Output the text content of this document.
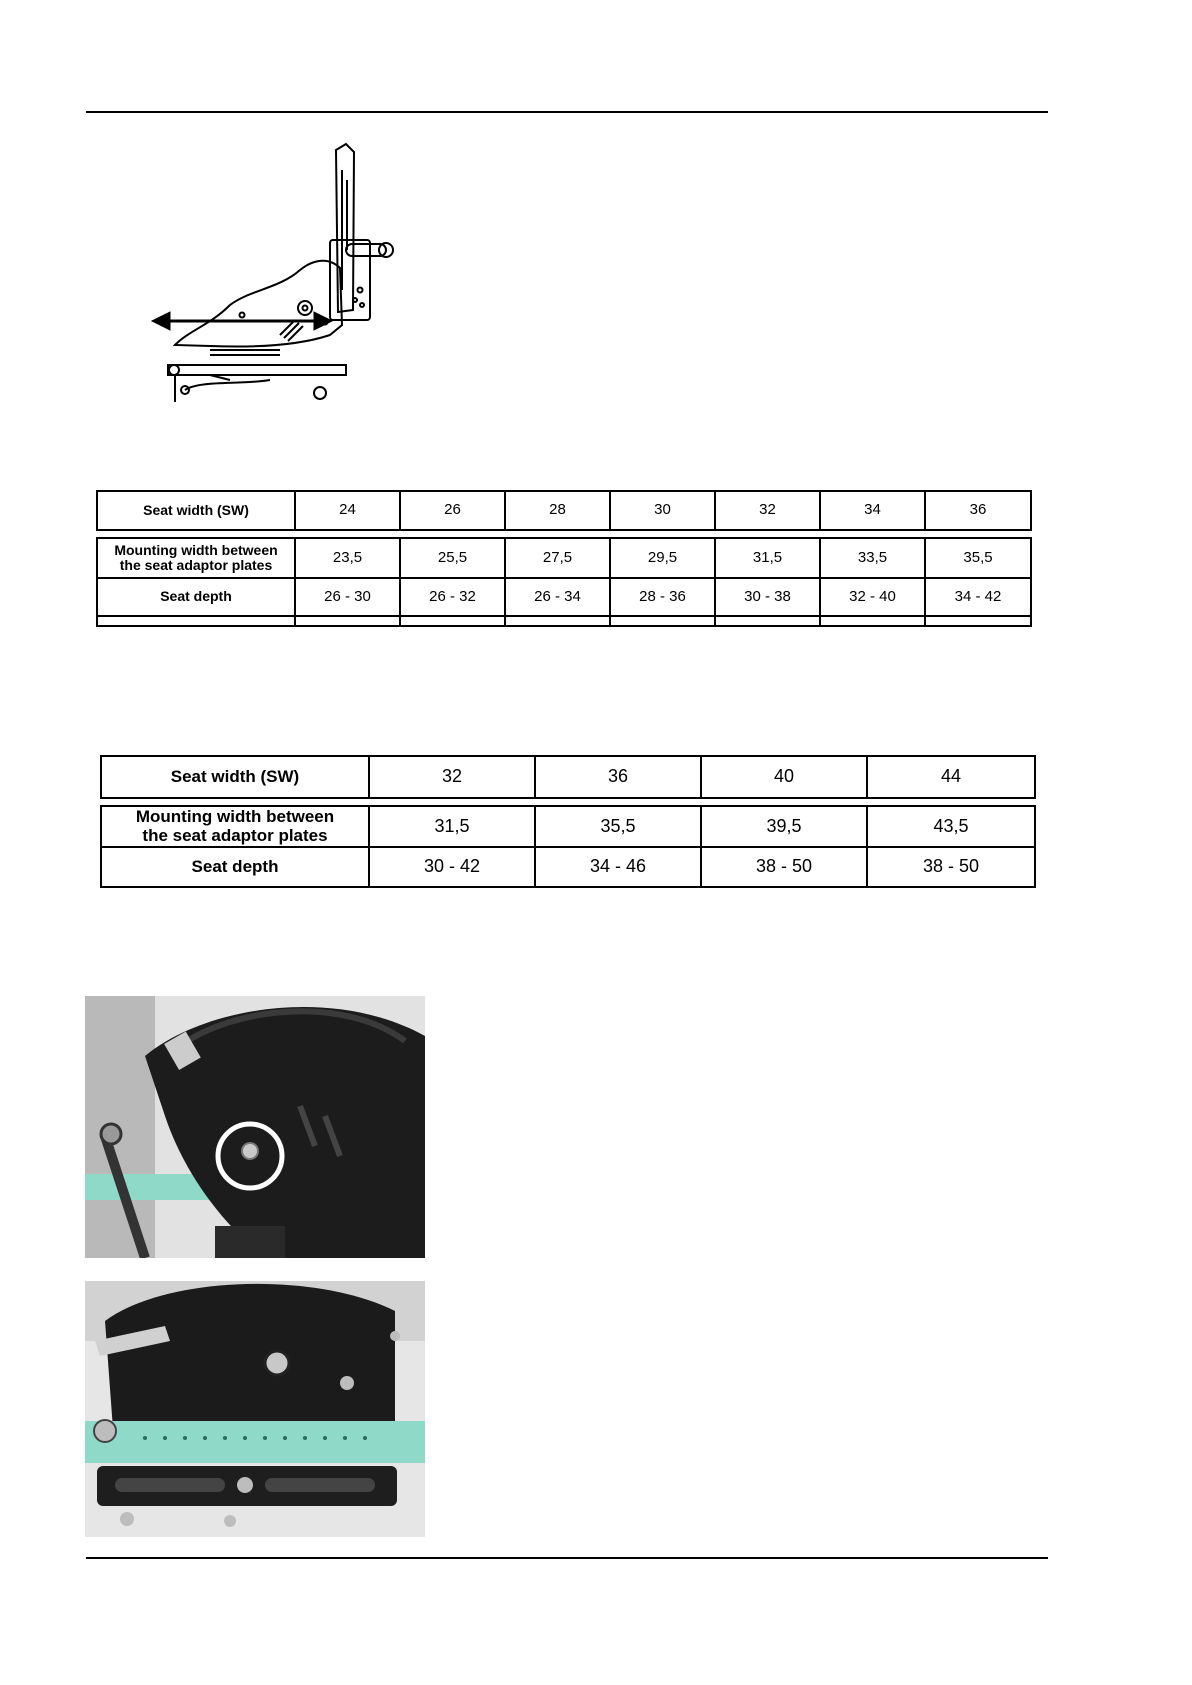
Seat width (SW)	24	26	28	30	32	34	36

Mounting width between
the seat adaptor plates	23,5	25,5	27,5	29,5	31,5	33,5	35,5
Seat depth	26 - 30	26 - 32	26 - 34	28 - 36	30 - 38	32 - 40	34 - 42

Seat width (SW)	32	36	40	44

Mounting width between
the seat adaptor plates	31,5	35,5	39,5	43,5
Seat depth	30 - 42	34 - 46	38 - 50	38 - 50
